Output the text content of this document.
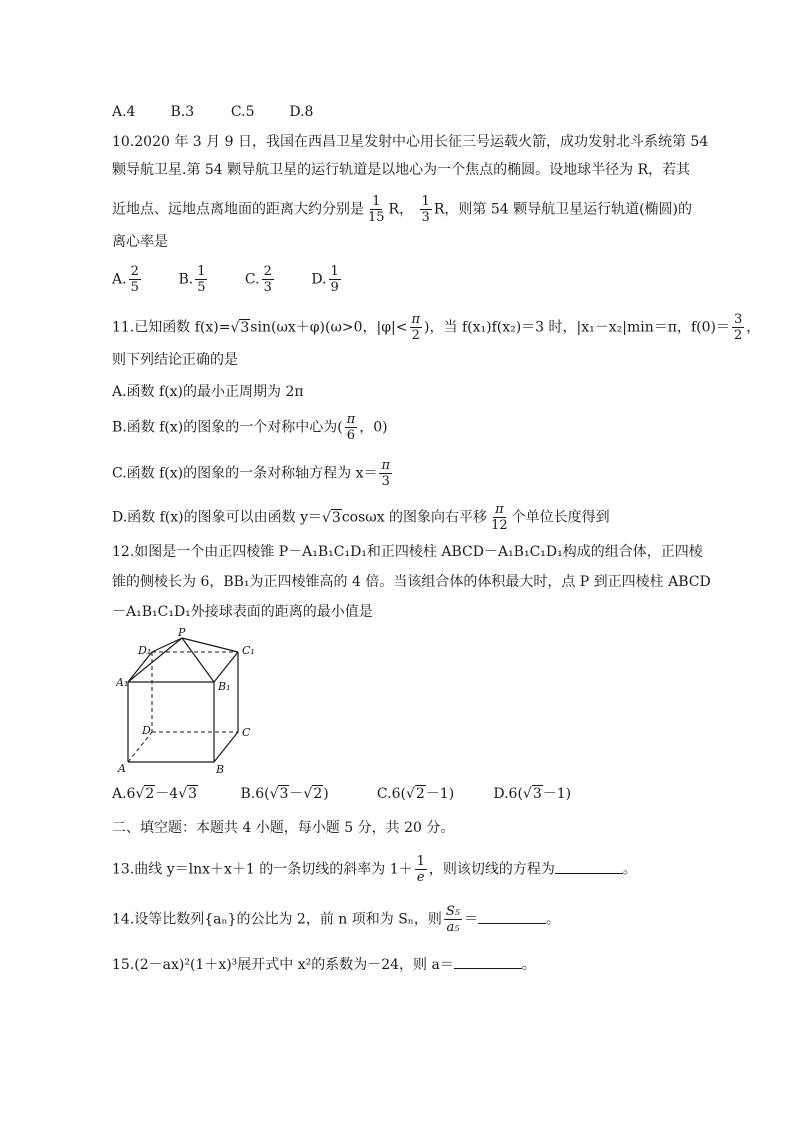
A.4 B.3	C.5 D.8
10.2020 年 3 月 9 日，我国在西昌卫星发射中心用长征三号运载火箭，成功发射北斗系统第 54
颗导航卫星.第 54 颗导航卫星的运行轨道是以地心为一个焦点的椭圆。设地球半径为 R，若其
近地点、远地点离地面的距离大约分别是 $\frac{1}{15}$ R， $\frac{1}{3}$ R，则第 54 颗导航卫星运行轨道(椭圆)的
离心率是
A. $\frac{2}{5}$	B. $\frac{1}{5}$	C. $\frac{2}{3}$	D. $\frac{1}{9}$
11.已知函数 f(x)=√3sin(ωx＋φ)(ω>0，$|\varphi|< \frac{\pi}{2}$ )，当 f(x₁)f(x₂)＝3 时，|x₁－x₂|min＝π，$f(0)= \frac{3}{2}$ ，
则下列结论正确的是
A.函数 f(x)的最小正周期为 2π
B.函数 f(x)的图象的一个对称中心为( $\frac{\pi}{6}$ ，0)
C.函数 f(x)的图象的一条对称轴方程为 $x= \frac{\pi}{3}$
D.函数 f(x)的图象可以由函数 y＝√3cosωx 的图象向右平移 $\frac{\pi}{12}$ 个单位长度得到
12.如图是一个由正四棱锥 P－A₁B₁C₁D₁和正四棱柱 ABCD－A₁B₁C₁D₁构成的组合体，正四棱
锥的侧棱长为 6，BB₁为正四棱锥高的 4 倍。当该组合体的体积最大时，点 P 到正四棱柱 ABCD
－A₁B₁C₁D₁外接球表面的距离的最小值是
A.6√2－4√3	B.6(√3－√2)	C.6(√2－1)	D.6(√3－1)
二、填空题：本题共 4 小题，每小题 5 分，共 20 分。
13.曲线 y＝lnx＋x＋1 的一条切线的斜率为 $1+ \frac{1}{e}$ ，则该切线的方程为	。
14.设等比数列{aₙ}的公比为 2，前 n 项和为 Sₙ，则 $\frac{\text{S₅}}{\text{a₅}}$ ＝	。
15.(2－ax)²(1＋x)³展开式中 x²的系数为－24，则 a＝	。
P
D₁	C₁
A₁	B₁
D	C
A	B
